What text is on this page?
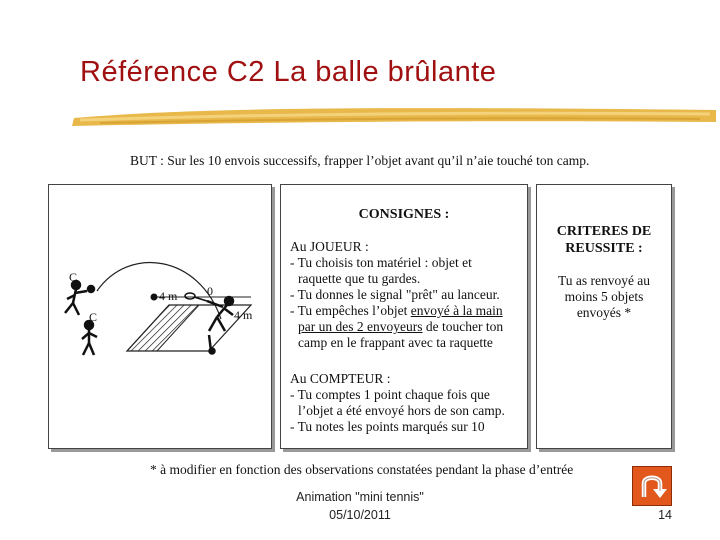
Référence C2 La balle brûlante
BUT : Sur les 10 envois successifs, frapper l’objet avant qu’il n’aie touché ton camp.
C
C
4 m 0
4 m
CONSIGNES :
Au JOUEUR :
- Tu choisis ton matériel : objet et
raquette que tu gardes.
- Tu donnes le signal "prêt" au lanceur.
- Tu empêches l’objet envoyé à la main
par un des 2 envoyeurs de toucher ton
camp en le frappant avec ta raquette
Au COMPTEUR :
- Tu comptes 1 point chaque fois que
l’objet a été envoyé hors de son camp.
- Tu notes les points marqués sur 10
CRITERES DE
REUSSITE :
Tu as renvoyé au
moins 5 objets
envoyés *
* à modifier en fonction des observations constatées pendant la phase d’entrée
Animation "mini tennis"
05/10/2011	14
